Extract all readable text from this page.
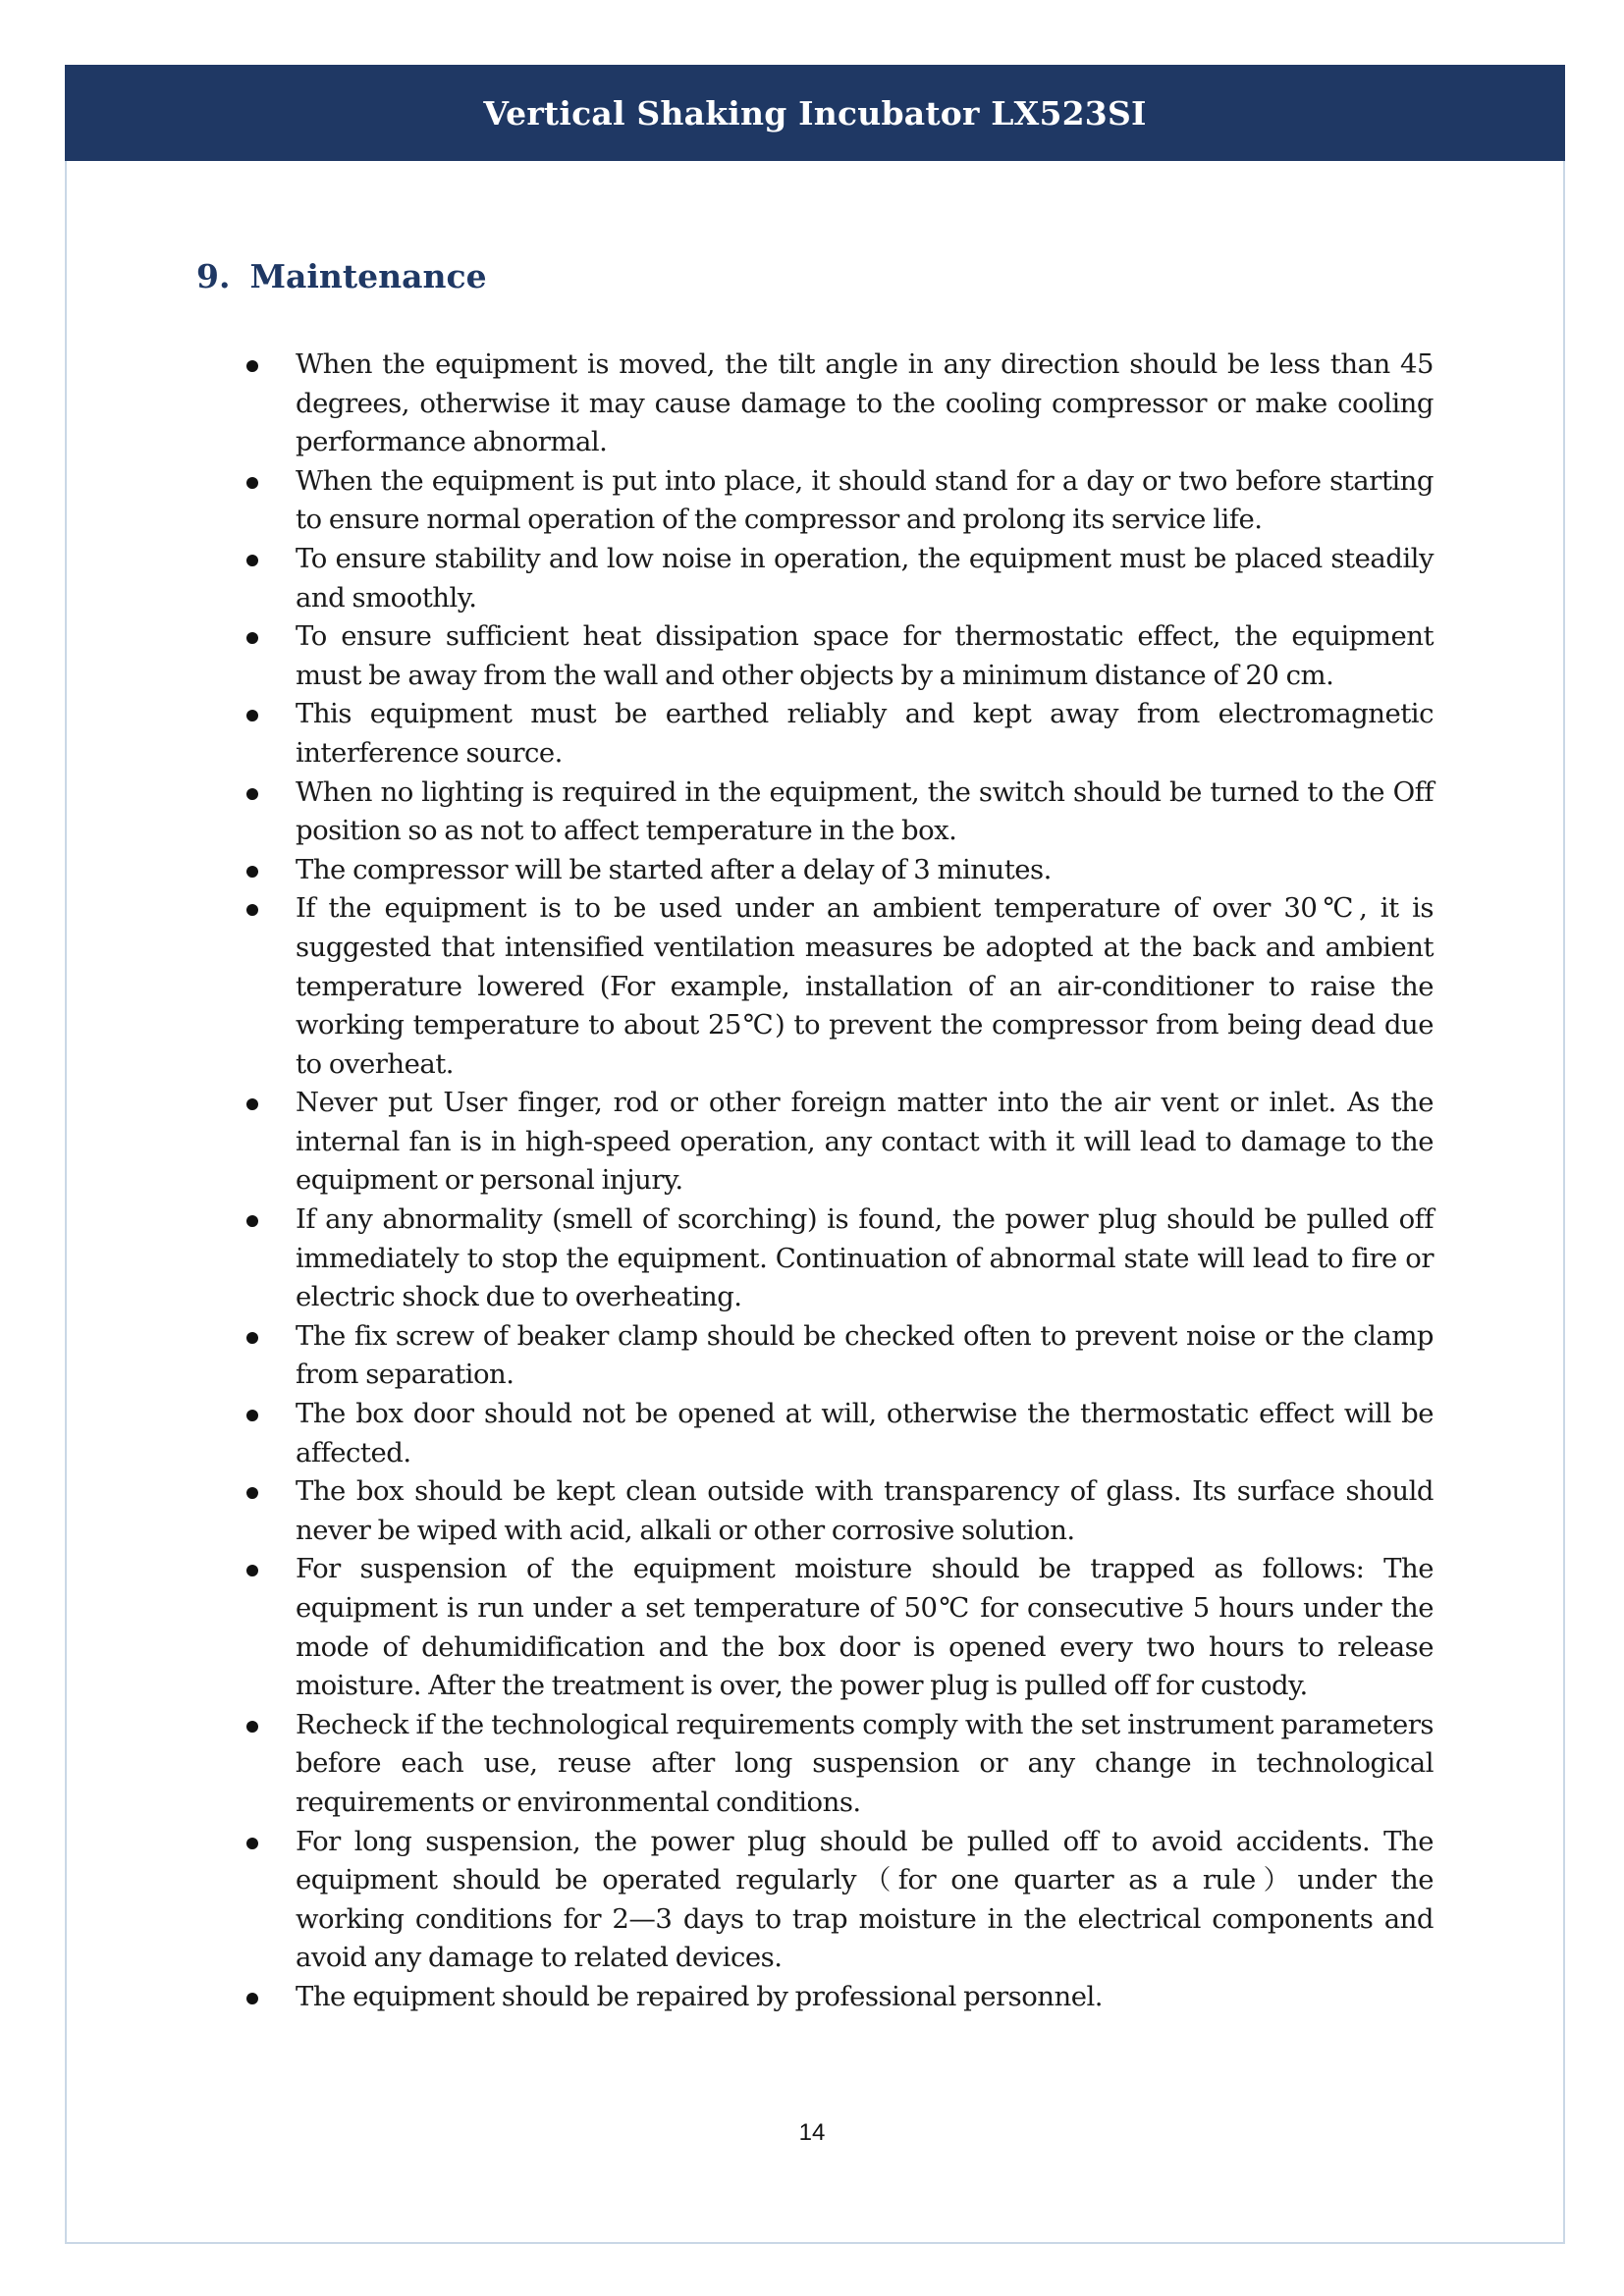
Vertical Shaking Incubator LX523SI
9. Maintenance
When the equipment is moved, the tilt angle in any direction should be less than 45 degrees, otherwise it may cause damage to the cooling compressor or make cooling performance abnormal.
When the equipment is put into place, it should stand for a day or two before starting to ensure normal operation of the compressor and prolong its service life.
To ensure stability and low noise in operation, the equipment must be placed steadily and smoothly.
To ensure sufficient heat dissipation space for thermostatic effect, the equipment must be away from the wall and other objects by a minimum distance of 20 cm.
This equipment must be earthed reliably and kept away from electromagnetic interference source.
When no lighting is required in the equipment, the switch should be turned to the Off position so as not to affect temperature in the box.
The compressor will be started after a delay of 3 minutes.
If the equipment is to be used under an ambient temperature of over 30℃, it is suggested that intensified ventilation measures be adopted at the back and ambient temperature lowered (For example, installation of an air-conditioner to raise the working temperature to about 25℃) to prevent the compressor from being dead due to overheat.
Never put User finger, rod or other foreign matter into the air vent or inlet. As the internal fan is in high-speed operation, any contact with it will lead to damage to the equipment or personal injury.
If any abnormality (smell of scorching) is found, the power plug should be pulled off immediately to stop the equipment. Continuation of abnormal state will lead to fire or electric shock due to overheating.
The fix screw of beaker clamp should be checked often to prevent noise or the clamp from separation.
The box door should not be opened at will, otherwise the thermostatic effect will be affected.
The box should be kept clean outside with transparency of glass. Its surface should never be wiped with acid, alkali or other corrosive solution.
For suspension of the equipment moisture should be trapped as follows: The equipment is run under a set temperature of 50℃ for consecutive 5 hours under the mode of dehumidification and the box door is opened every two hours to release moisture. After the treatment is over, the power plug is pulled off for custody.
Recheck if the technological requirements comply with the set instrument parameters before each use, reuse after long suspension or any change in technological requirements or environmental conditions.
For long suspension, the power plug should be pulled off to avoid accidents. The equipment should be operated regularly（for one quarter as a rule）under the working conditions for 2—3 days to trap moisture in the electrical components and avoid any damage to related devices.
The equipment should be repaired by professional personnel.
14
